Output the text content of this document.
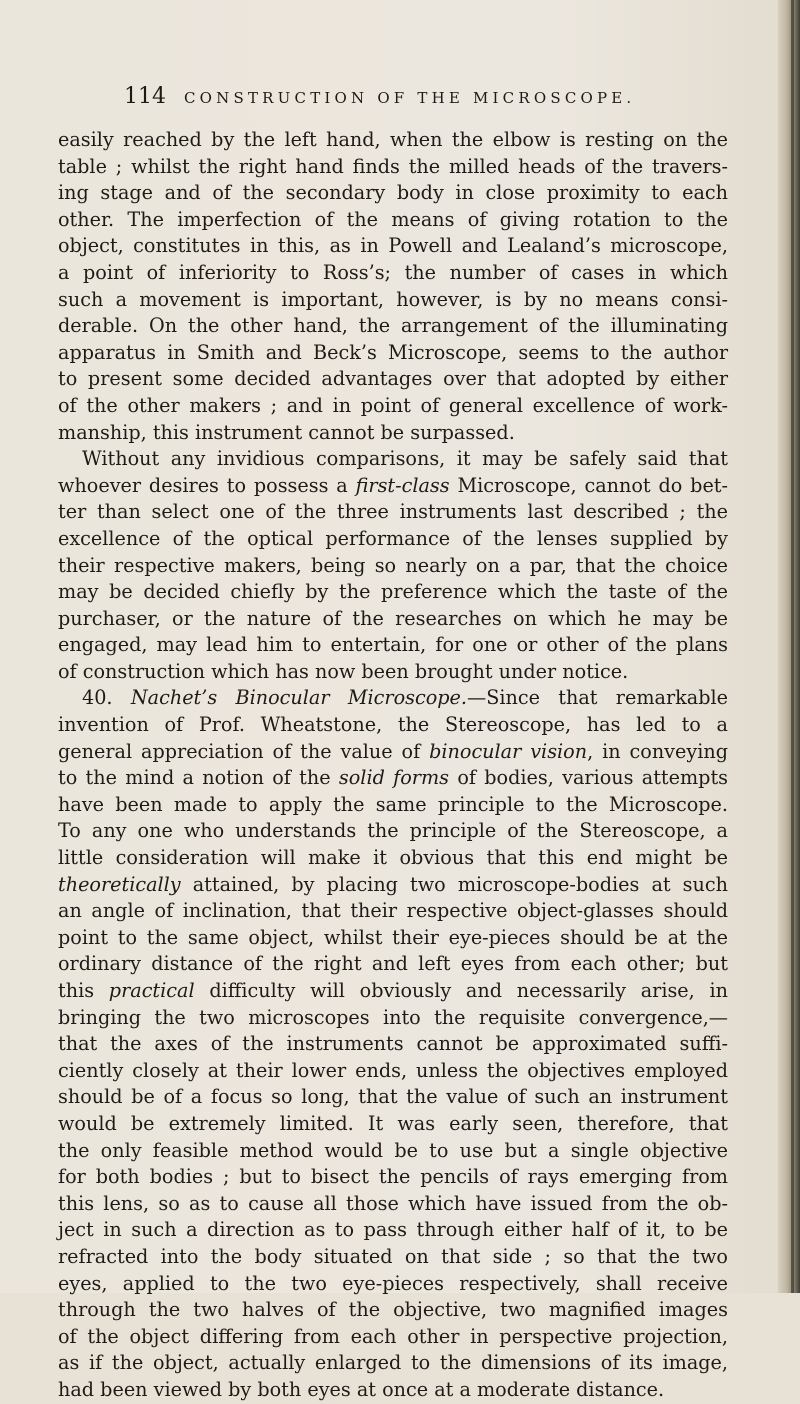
114 CONSTRUCTION OF THE MICROSCOPE.
easily reached by the left hand, when the elbow is resting on the
table ; whilst the right hand finds the milled heads of the travers-
ing stage and of the secondary body in close proximity to each
other. The imperfection of the means of giving rotation to the
object, constitutes in this, as in Powell and Lealand’s microscope,
a point of inferiority to Ross’s; the number of cases in which
such a movement is important, however, is by no means consi-
derable. On the other hand, the arrangement of the illuminating
apparatus in Smith and Beck’s Microscope, seems to the author
to present some decided advantages over that adopted by either
of the other makers ; and in point of general excellence of work-
manship, this instrument cannot be surpassed.
Without any invidious comparisons, it may be safely said that
whoever desires to possess a first-class Microscope, cannot do bet-
ter than select one of the three instruments last described ; the
excellence of the optical performance of the lenses supplied by
their respective makers, being so nearly on a par, that the choice
may be decided chiefly by the preference which the taste of the
purchaser, or the nature of the researches on which he may be
engaged, may lead him to entertain, for one or other of the plans
of construction which has now been brought under notice.
40. Nachet’s Binocular Microscope.—Since that remarkable
invention of Prof. Wheatstone, the Stereoscope, has led to a
general appreciation of the value of binocular vision, in conveying
to the mind a notion of the solid forms of bodies, various attempts
have been made to apply the same principle to the Microscope.
To any one who understands the principle of the Stereoscope, a
little consideration will make it obvious that this end might be
theoretically attained, by placing two microscope-bodies at such
an angle of inclination, that their respective object-glasses should
point to the same object, whilst their eye-pieces should be at the
ordinary distance of the right and left eyes from each other; but
this practical difficulty will obviously and necessarily arise, in
bringing the two microscopes into the requisite convergence,—
that the axes of the instruments cannot be approximated suffi-
ciently closely at their lower ends, unless the objectives employed
should be of a focus so long, that the value of such an instrument
would be extremely limited. It was early seen, therefore, that
the only feasible method would be to use but a single objective
for both bodies ; but to bisect the pencils of rays emerging from
this lens, so as to cause all those which have issued from the ob-
ject in such a direction as to pass through either half of it, to be
refracted into the body situated on that side ; so that the two
eyes, applied to the two eye-pieces respectively, shall receive
through the two halves of the objective, two magnified images
of the object differing from each other in perspective projection,
as if the object, actually enlarged to the dimensions of its image,
had been viewed by both eyes at once at a moderate distance.
